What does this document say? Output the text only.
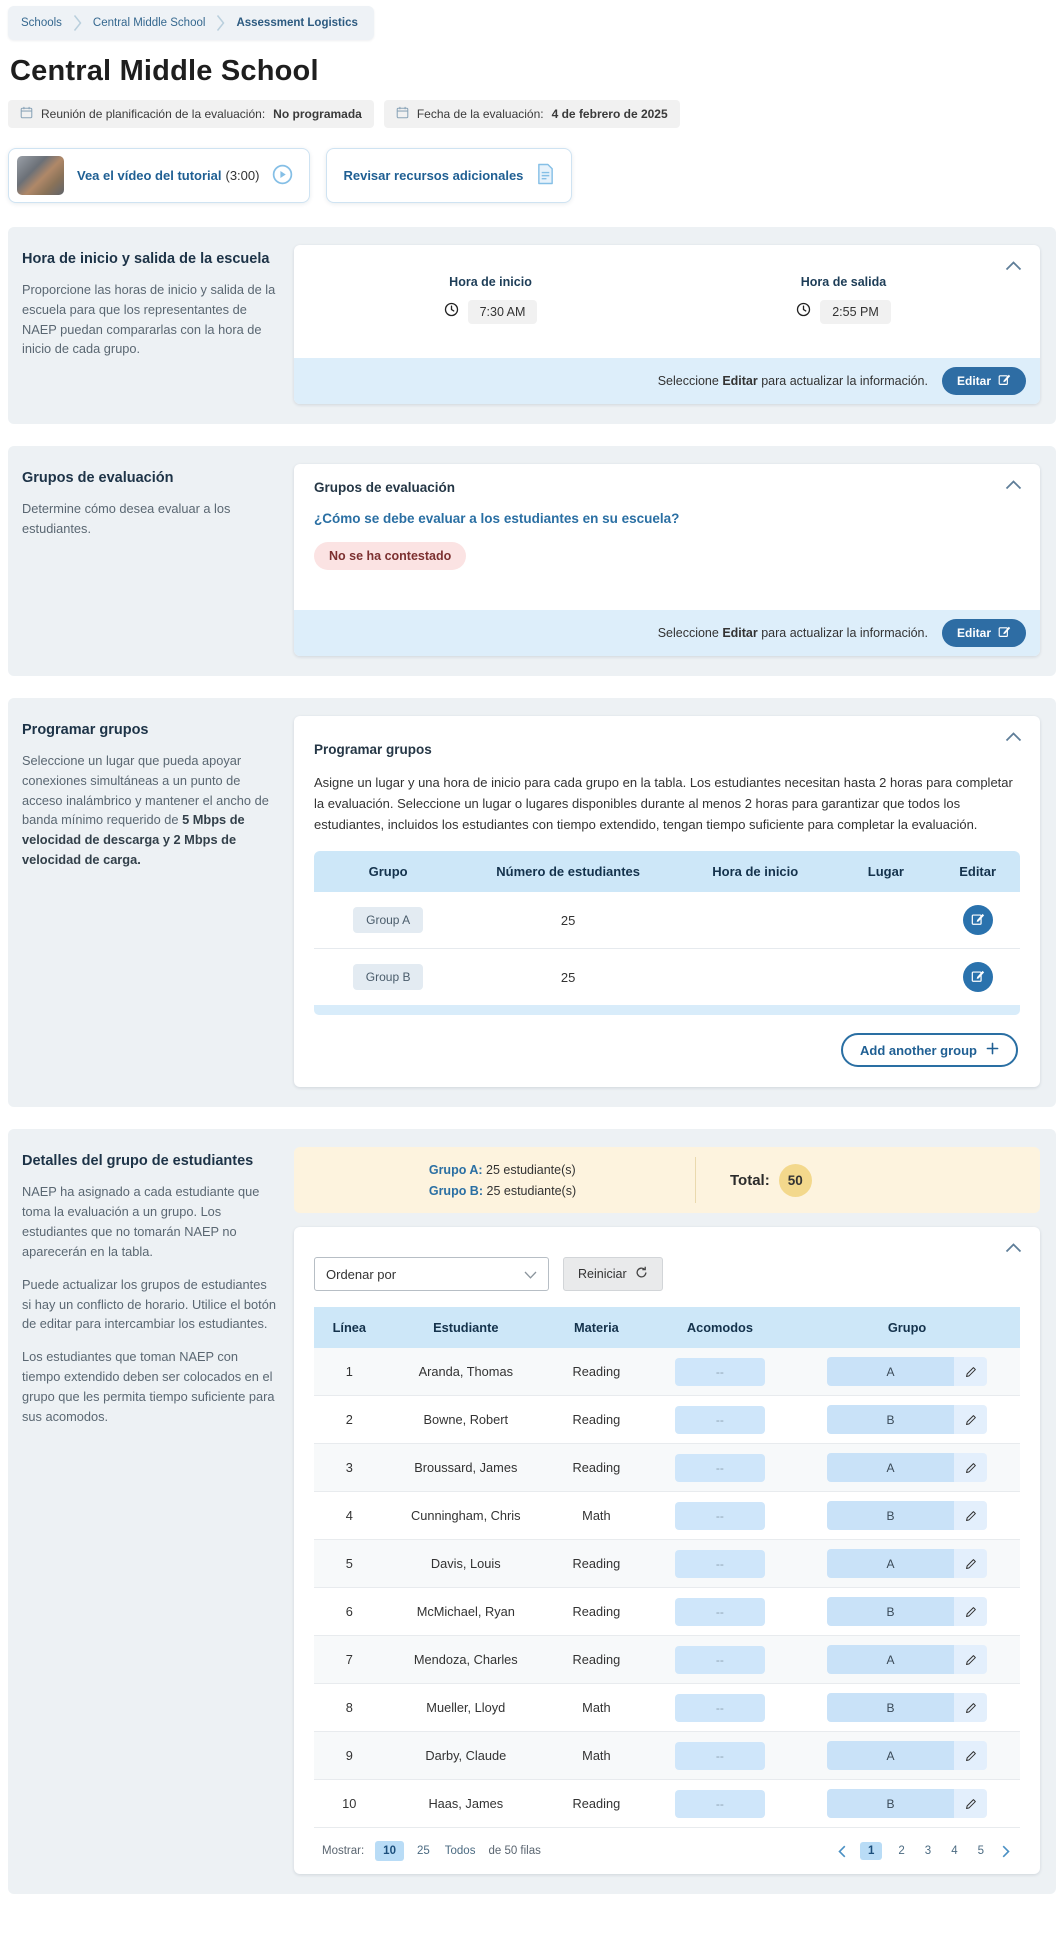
Schools	Central Middle School	Assessment Logistics
Central Middle School
Reunión de planificación de la evaluación: No programada	Fecha de la evaluación: 4 de febrero de 2025
Vea el vídeo del tutorial (3:00)	Revisar recursos adicionales
Hora de inicio y salida de la escuela

Proporcione las horas de inicio y salida de la escuela para que los representantes de NAEP puedan compararlas con la hora de inicio de cada grupo.

Hora de inicio
7:30 AM
Hora de salida
2:55 PM
Seleccione Editar para actualizar la información. Editar
Grupos de evaluación

Determine cómo desea evaluar a los estudiantes.

Grupos de evaluación
¿Cómo se debe evaluar a los estudiantes en su escuela?
No se ha contestado
Seleccione Editar para actualizar la información. Editar
Programar grupos

Seleccione un lugar que pueda apoyar conexiones simultáneas a un punto de acceso inalámbrico y mantener el ancho de banda mínimo requerido de 5 Mbps de velocidad de descarga y 2 Mbps de velocidad de carga.

Programar grupos

Asigne un lugar y una hora de inicio para cada grupo en la tabla. Los estudiantes necesitan hasta 2 horas para completar la evaluación. Seleccione un lugar o lugares disponibles durante al menos 2 horas para garantizar que todos los estudiantes, incluidos los estudiantes con tiempo extendido, tengan tiempo suficiente para completar la evaluación.

Grupo	Número de estudiantes	Hora de inicio	Lugar	Editar
Group A	25			

Group B	25			
Add another group
Detalles del grupo de estudiantes

NAEP ha asignado a cada estudiante que toma la evaluación a un grupo. Los estudiantes que no tomarán NAEP no aparecerán en la tabla.

Puede actualizar los grupos de estudiantes si hay un conflicto de horario. Utilice el botón de editar para intercambiar los estudiantes.

Los estudiantes que toman NAEP con tiempo extendido deben ser colocados en el grupo que les permita tiempo suficiente para sus acomodos.

Grupo A: 25 estudiante(s)
Grupo B: 25 estudiante(s)
Total:	50
Ordenar por	Reiniciar
Línea	Estudiante	Materia	Acomodos	Grupo
1	Aranda, Thomas	Reading	--	A

2	Bowne, Robert	Reading	--	B

3	Broussard, James	Reading	--	A

4	Cunningham, Chris	Math	--	B

5	Davis, Louis	Reading	--	A

6	McMichael, Ryan	Reading	--	B

7	Mendoza, Charles	Reading	--	A

8	Mueller, Lloyd	Math	--	B

9	Darby, Claude	Math	--	A

10	Haas, James	Reading	--	B
Mostrar:	10	25 Todos de 50 filas	1	2	3	4	5
